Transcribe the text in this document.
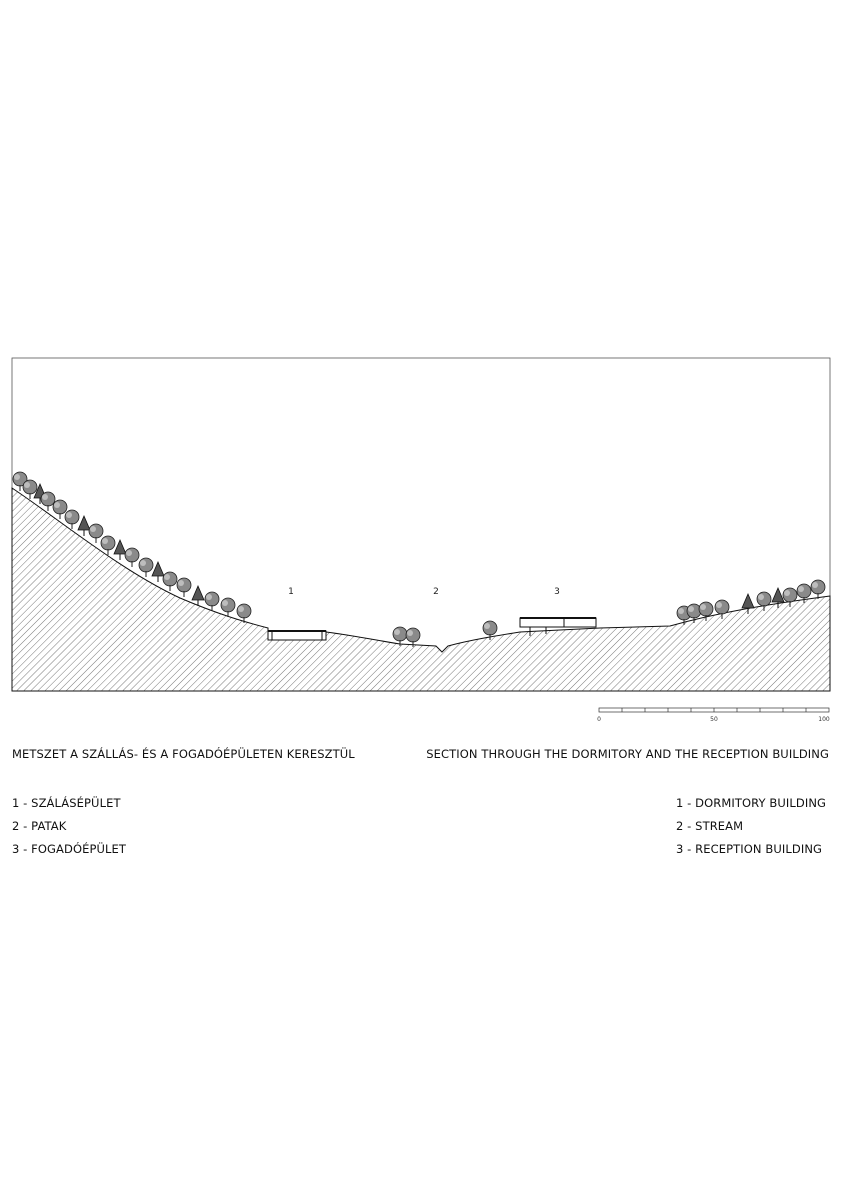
1	2	3
0	50	100
METSZET A SZÁLLÁS- ÉS A FOGADÓÉPÜLETEN KERESZTÜL	SECTION THROUGH THE DORMITORY AND THE RECEPTION BUILDING
1 - SZÁLÁSÉPÜLET
2 - PATAK
3 - FOGADÓÉPÜLET
1 - DORMITORY BUILDING
2 - STREAM
3 - RECEPTION BUILDING
